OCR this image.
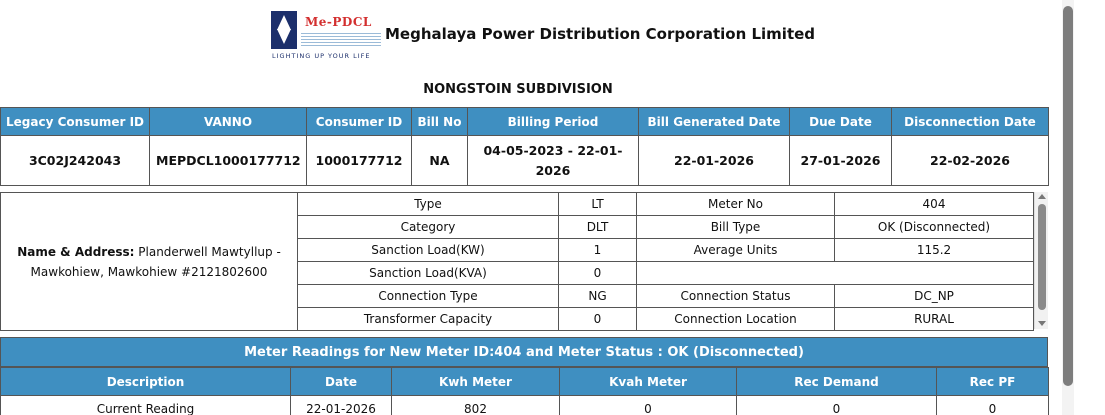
Me-PDCL
LIGHTING UP YOUR LIFE
Meghalaya Power Distribution Corporation Limited
NONGSTOIN SUBDIVISION
Legacy Consumer ID	VANNO	Consumer ID	Bill No	Billing Period	Bill Generated Date	Due Date	Disconnection Date
3C02J242043	MEPDCL1000177712	1000177712	NA	04-05-2023 - 22-01-2026	22-01-2026	27-01-2026	22-02-2026
Name & Address: Planderwell Mawtyllup - Mawkohiew, Mawkohiew #2121802600	Type	LT	Meter No	404
	Category	DLT	Bill Type	OK (Disconnected)
	Sanction Load(KW)	1	Average Units	115.2
	Sanction Load(KVA)	0		
	Connection Type	NG	Connection Status	DC_NP
	Transformer Capacity	0	Connection Location	RURAL
Meter Readings for New Meter ID:404 and Meter Status : OK (Disconnected)
Description	Date	Kwh Meter	Kvah Meter	Rec Demand	Rec PF
Current Reading	22-01-2026	802	0	0	0
